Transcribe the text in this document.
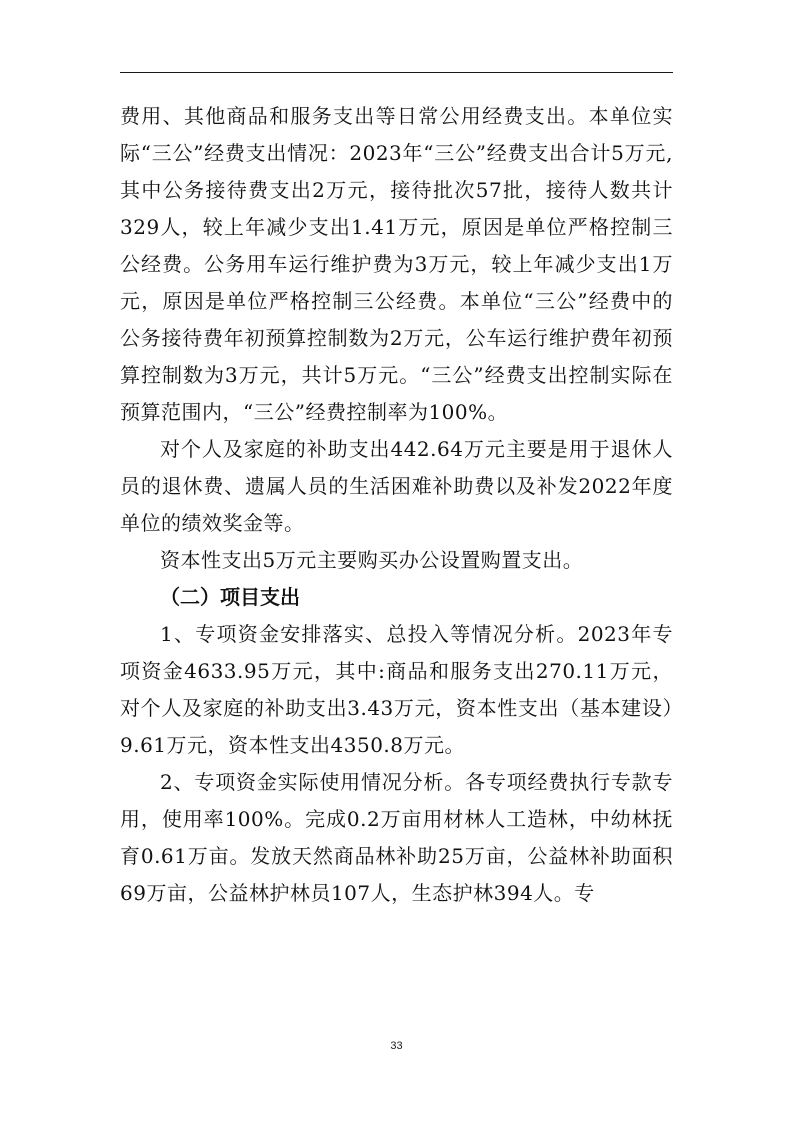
费用、其他商品和服务支出等日常公用经费支出。本单位实际“三公”经费支出情况：2023年“三公”经费支出合计5万元,其中公务接待费支出2万元，接待批次57批，接待人数共计329人，较上年减少支出1.41万元，原因是单位严格控制三公经费。公务用车运行维护费为3万元，较上年减少支出1万元，原因是单位严格控制三公经费。本单位“三公”经费中的公务接待费年初预算控制数为2万元，公车运行维护费年初预算控制数为3万元，共计5万元。“三公”经费支出控制实际在预算范围内，“三公”经费控制率为100%。

对个人及家庭的补助支出442.64万元主要是用于退休人员的退休费、遗属人员的生活困难补助费以及补发2022年度单位的绩效奖金等。

资本性支出5万元主要购买办公设置购置支出。

（二）项目支出

1、专项资金安排落实、总投入等情况分析。2023年专项资金4633.95万元，其中:商品和服务支出270.11万元，对个人及家庭的补助支出3.43万元，资本性支出（基本建设）9.61万元，资本性支出4350.8万元。

2、专项资金实际使用情况分析。各专项经费执行专款专用，使用率100%。完成0.2万亩用材林人工造林，中幼林抚育0.61万亩。发放天然商品林补助25万亩，公益林补助面积69万亩，公益林护林员107人，生态护林394人。专

33
